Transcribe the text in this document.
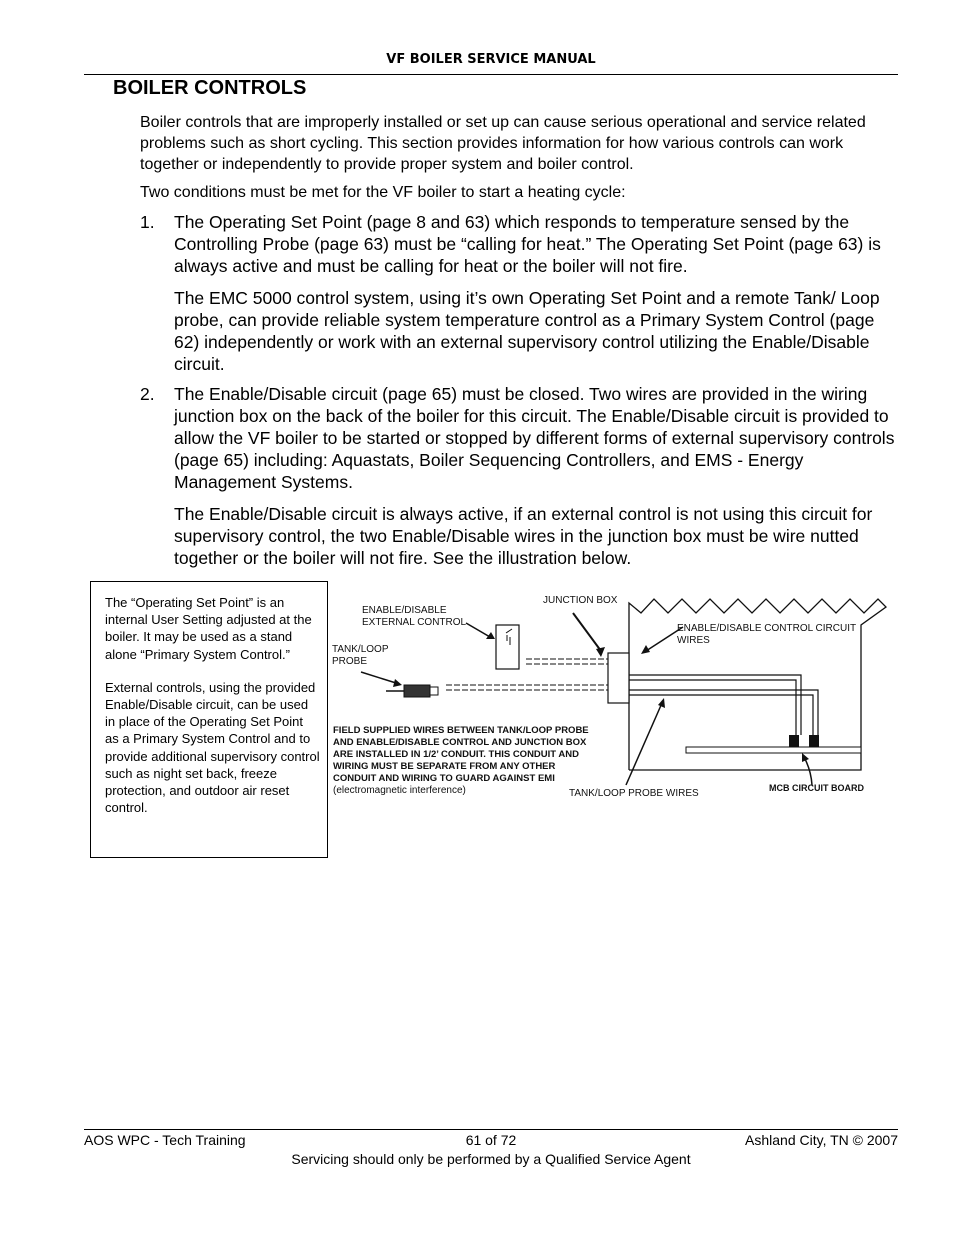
VF BOILER SERVICE MANUAL
BOILER CONTROLS

Boiler controls that are improperly installed or set up can cause serious operational and service related problems such as short cycling. This section provides information for how various controls can work together or independently to provide proper system and boiler control.

Two conditions must be met for the VF boiler to start a heating cycle:

1.	The Operating Set Point (page 8 and 63) which responds to temperature sensed by the Controlling Probe (page 63) must be “calling for heat.” The Operating Set Point (page 63) is always active and must be calling for heat or the boiler will not fire.

The EMC 5000 control system, using it’s own Operating Set Point and a remote Tank/ Loop probe, can provide reliable system temperature control as a Primary System Control (page 62) independently or work with an external supervisory control utilizing the Enable/Disable circuit.

2.	The Enable/Disable circuit (page 65) must be closed. Two wires are provided in the wiring junction box on the back of the boiler for this circuit. The Enable/Disable circuit is provided to allow the VF boiler to be started or stopped by different forms of external supervisory controls (page 65) including: Aquastats, Boiler Sequencing Controllers, and EMS - Energy Management Systems.

The Enable/Disable circuit is always active, if an external control is not using this circuit for supervisory control, the two Enable/Disable wires in the junction box must be wire nutted together or the boiler will not fire. See the illustration below.

The “Operating Set Point” is an internal User Setting adjusted at the boiler. It may be used as a stand alone “Primary System Control.”

External controls, using the provided Enable/Disable circuit, can be used in place of the Operating Set Point as a Primary System Control and to provide additional supervisory control such as night set back, freeze protection, and outdoor air reset control.

JUNCTION BOX
ENABLE/DISABLE
EXTERNAL CONTROL
TANK/LOOP
PROBE
ENABLE/DISABLE CONTROL CIRCUIT
WIRES
FIELD SUPPLIED WIRES BETWEEN TANK/LOOP PROBE
AND ENABLE/DISABLE CONTROL AND JUNCTION BOX
ARE INSTALLED IN 1/2’ CONDUIT. THIS CONDUIT AND
WIRING MUST BE SEPARATE FROM ANY OTHER
CONDUIT AND WIRING TO GUARD AGAINST EMI
(electromagnetic interference)	TANK/LOOP PROBE WIRES	MCB CIRCUIT BOARD
AOS WPC - Tech Training	61 of 72	Ashland City, TN © 2007
Servicing should only be performed by a Qualified Service Agent
